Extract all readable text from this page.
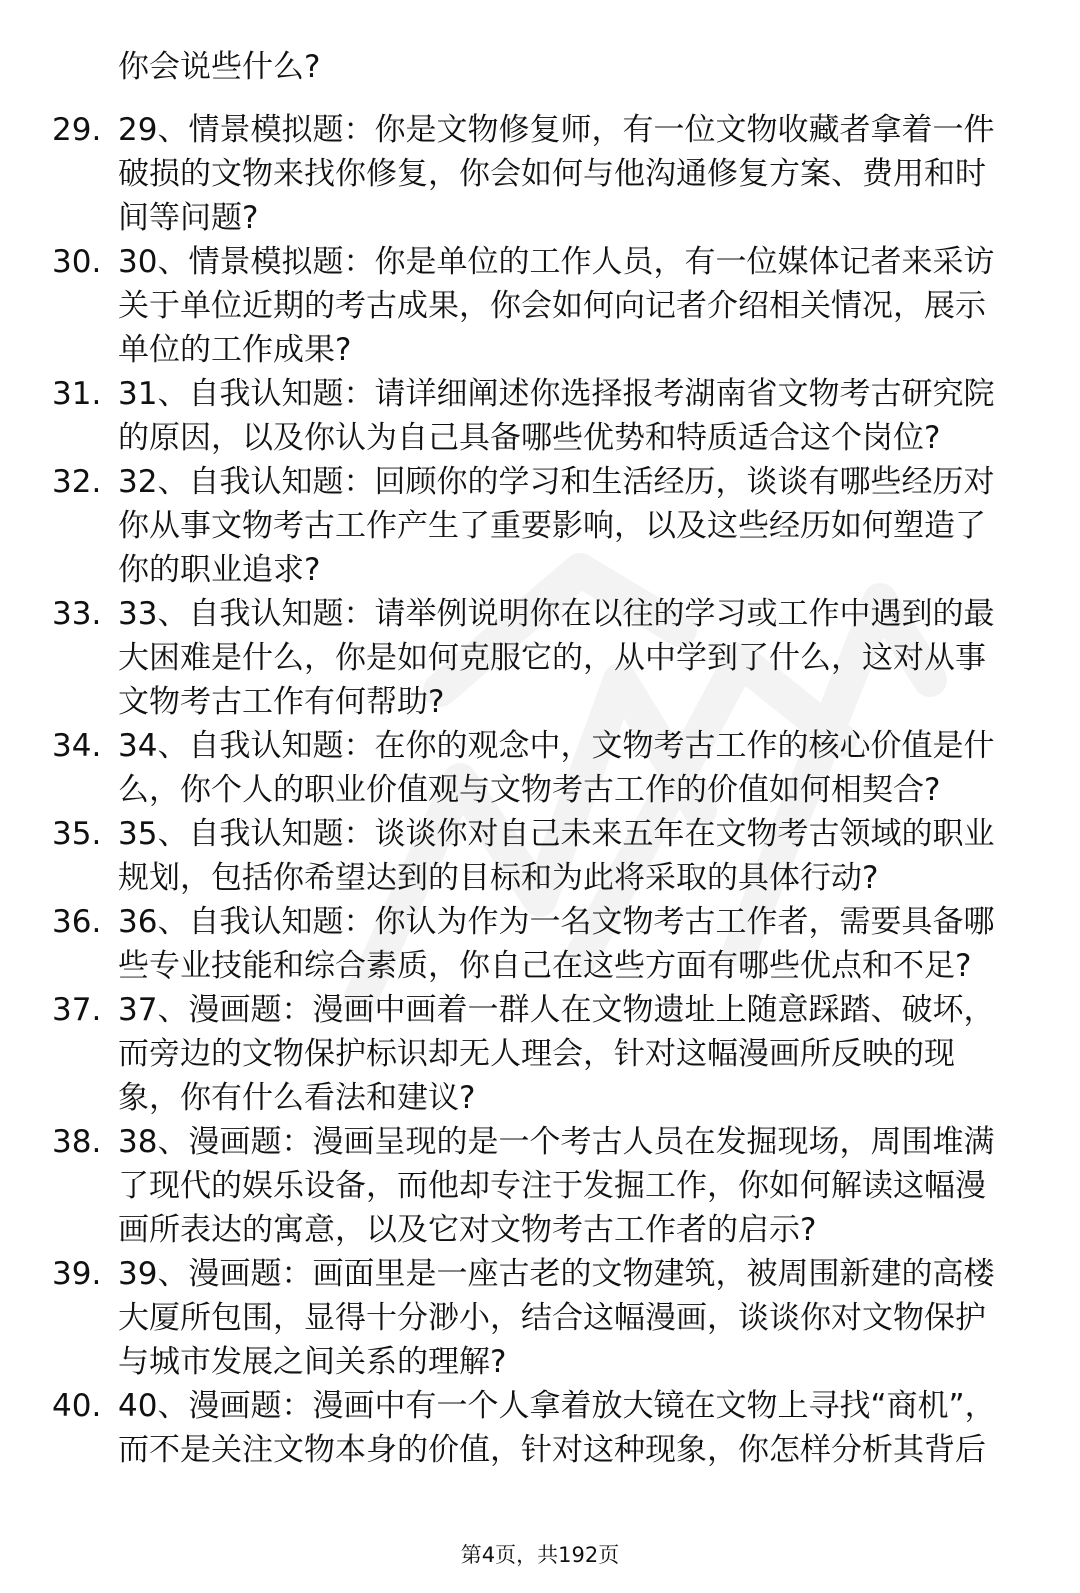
你会说些什么?

29. 29、情景模拟题：你是文物修复师，有一位文物收藏者拿着一件

破损的文物来找你修复，你会如何与他沟通修复方案、费用和时

间等问题?

30. 30、情景模拟题：你是单位的工作人员，有一位媒体记者来采访

关于单位近期的考古成果，你会如何向记者介绍相关情况，展示

单位的工作成果?

31. 31、自我认知题：请详细阐述你选择报考湖南省文物考古研究院

的原因，以及你认为自己具备哪些优势和特质适合这个岗位?

32. 32、自我认知题：回顾你的学习和生活经历，谈谈有哪些经历对

你从事文物考古工作产生了重要影响，以及这些经历如何塑造了

你的职业追求?

33. 33、自我认知题：请举例说明你在以往的学习或工作中遇到的最

大困难是什么，你是如何克服它的，从中学到了什么，这对从事

文物考古工作有何帮助?

34. 34、自我认知题：在你的观念中，文物考古工作的核心价值是什

么，你个人的职业价值观与文物考古工作的价值如何相契合?

35. 35、自我认知题：谈谈你对自己未来五年在文物考古领域的职业

规划，包括你希望达到的目标和为此将采取的具体行动?

36. 36、自我认知题：你认为作为一名文物考古工作者，需要具备哪

些专业技能和综合素质，你自己在这些方面有哪些优点和不足?

37. 37、漫画题：漫画中画着一群人在文物遗址上随意踩踏、破坏，

而旁边的文物保护标识却无人理会，针对这幅漫画所反映的现

象，你有什么看法和建议?

38. 38、漫画题：漫画呈现的是一个考古人员在发掘现场，周围堆满

了现代的娱乐设备，而他却专注于发掘工作，你如何解读这幅漫

画所表达的寓意，以及它对文物考古工作者的启示?

39. 39、漫画题：画面里是一座古老的文物建筑，被周围新建的高楼

大厦所包围，显得十分渺小，结合这幅漫画，谈谈你对文物保护

与城市发展之间关系的理解?

40. 40、漫画题：漫画中有一个人拿着放大镜在文物上寻找“商机”，

而不是关注文物本身的价值，针对这种现象，你怎样分析其背后

第4页，共192页
